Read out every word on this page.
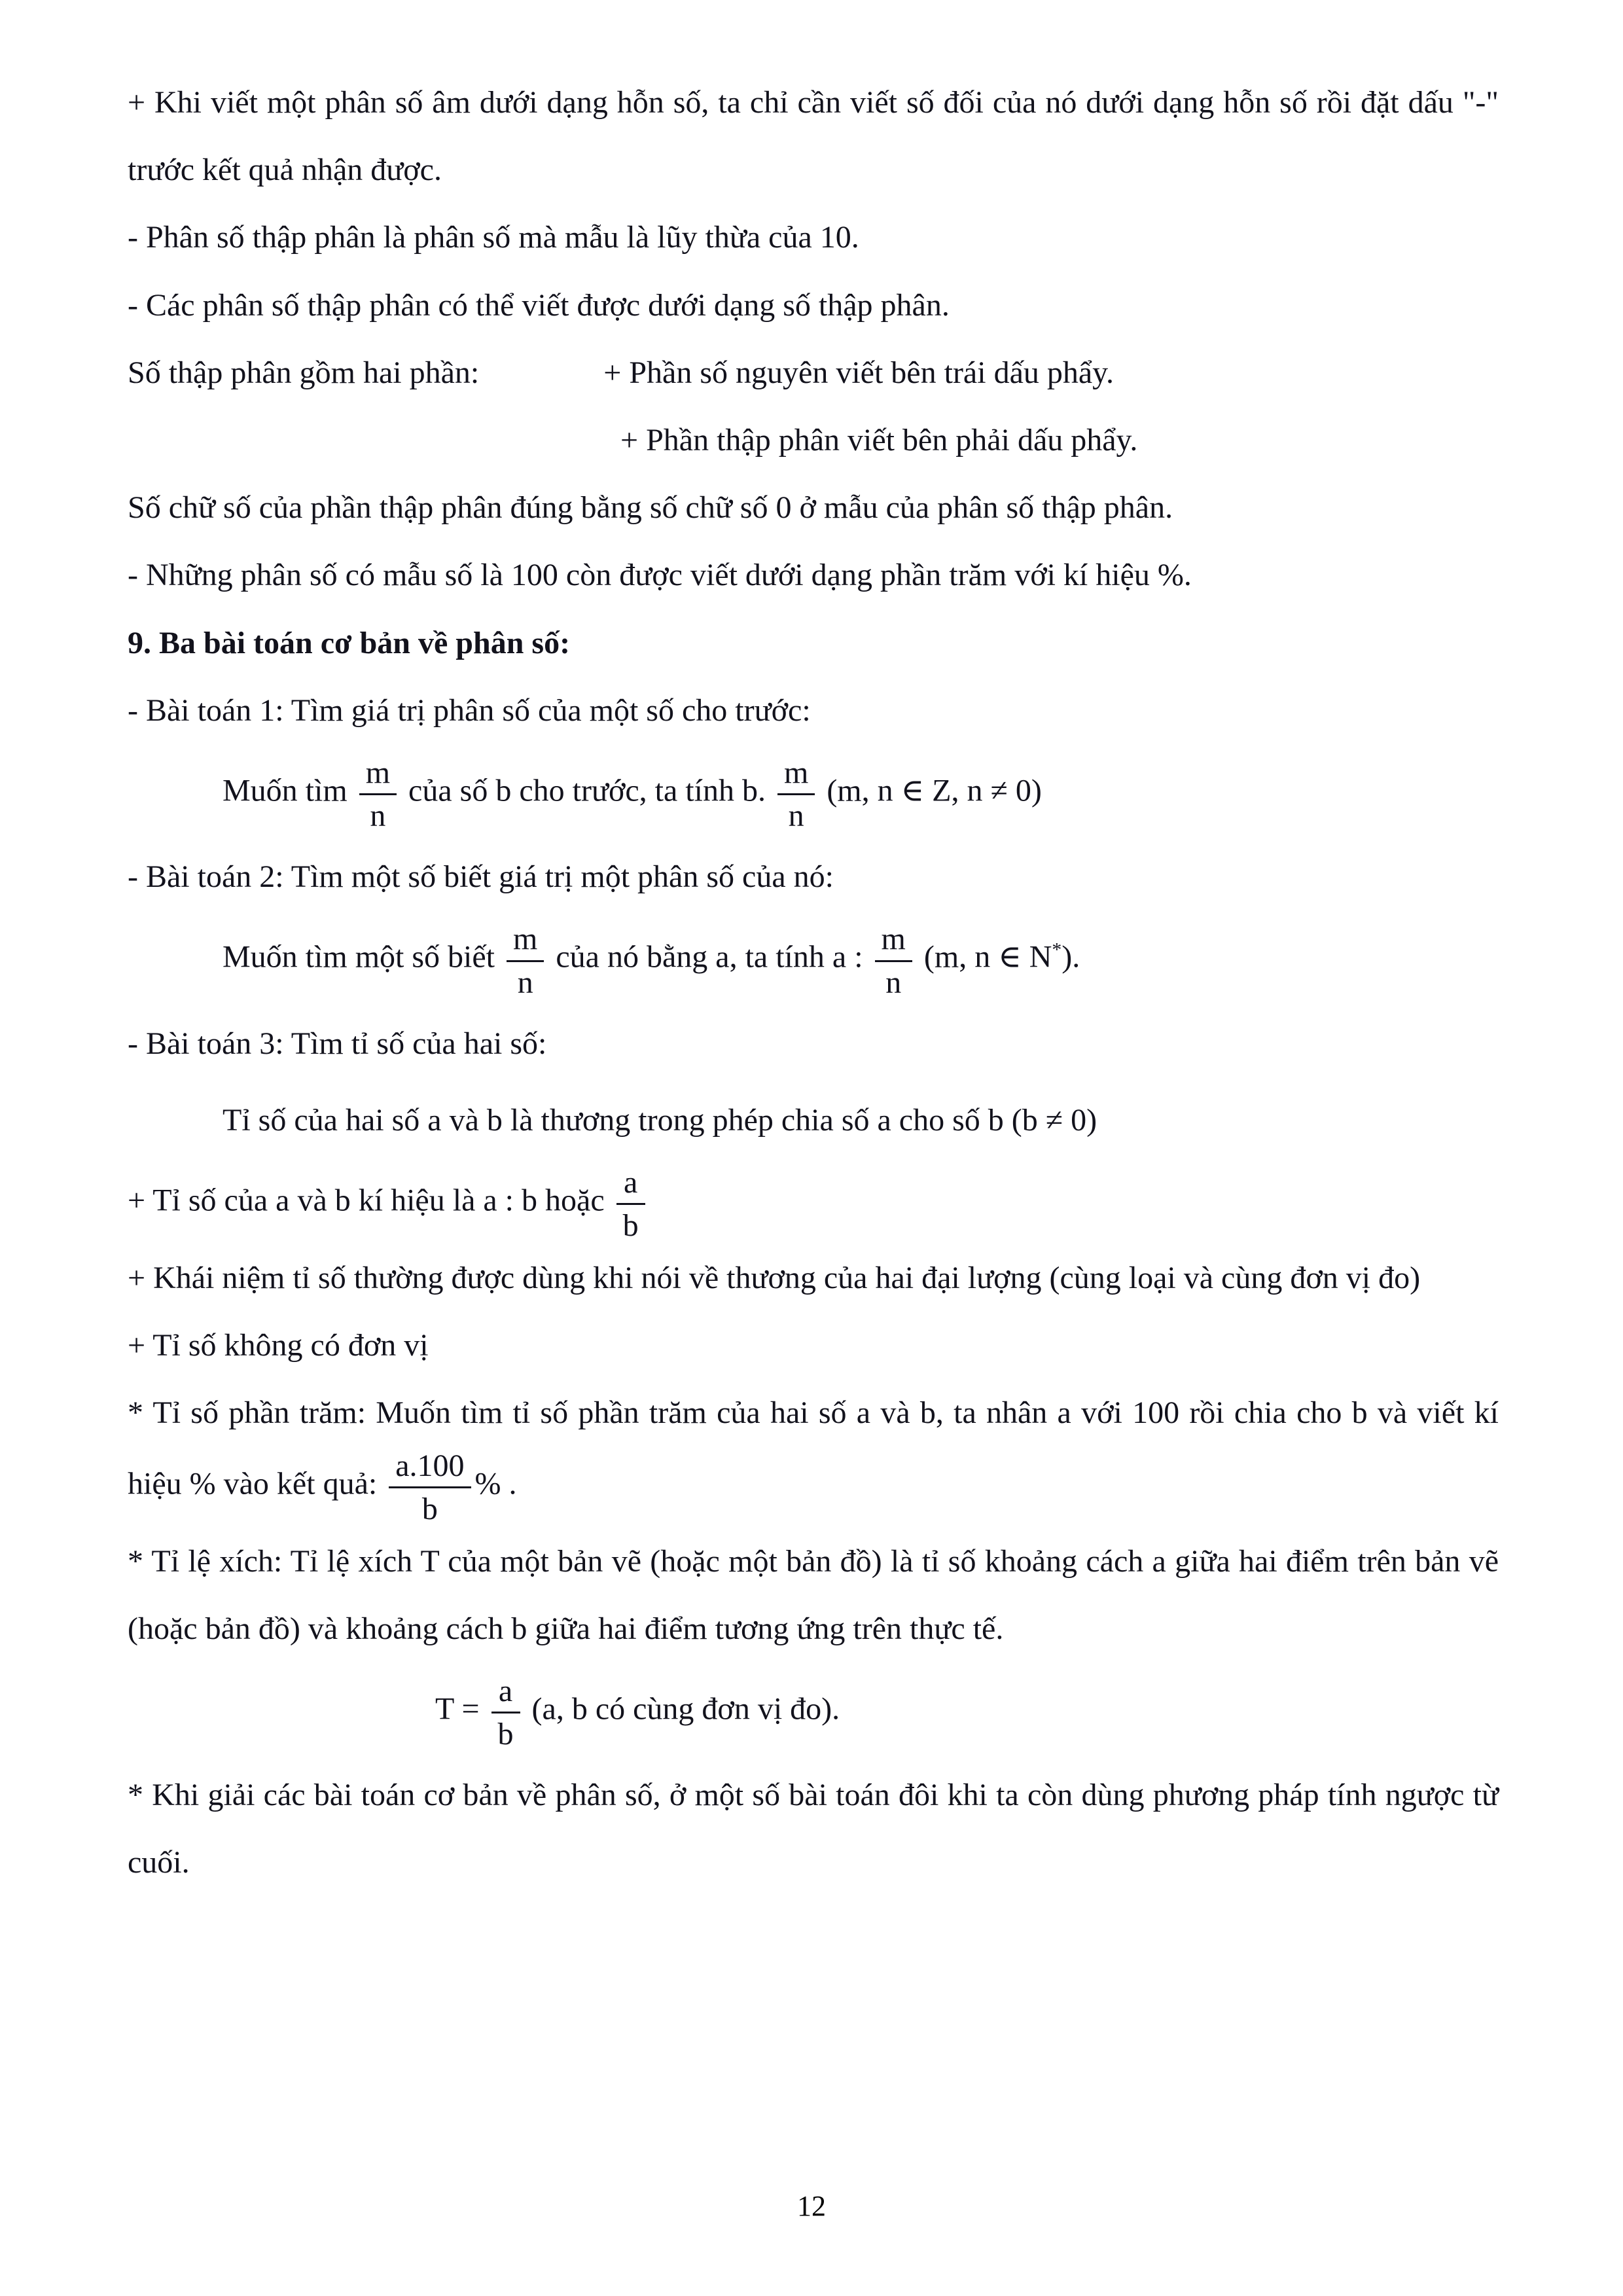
+ Khi viết một phân số âm dưới dạng hỗn số, ta chỉ cần viết số đối của nó dưới dạng hỗn số rồi đặt dấu "-" trước kết quả nhận được.

- Phân số thập phân là phân số mà mẫu là lũy thừa của 10.

- Các phân số thập phân có thể viết được dưới dạng số thập phân.

Số thập phân gồm hai phần:	+ Phần số nguyên viết bên trái dấu phẩy.

+ Phần thập phân viết bên phải dấu phẩy.

Số chữ số của phần thập phân đúng bằng số chữ số 0 ở mẫu của phân số thập phân.

- Những phân số có mẫu số là 100 còn được viết dưới dạng phần trăm với kí hiệu %.

9. Ba bài toán cơ bản về phân số:

- Bài toán 1: Tìm giá trị phân số của một số cho trước:

Muốn tìm $\frac{m}{n}$ của số b cho trước, ta tính b. $\frac{m}{n} (m$, n ∈ Z, n ≠ 0)

- Bài toán 2: Tìm một số biết giá trị một phân số của nó:

Muốn tìm một số biết $\frac{m}{n}$ của nó bằng a, ta tính a : $\frac{m}{n} (m$, n ∈ N*).

- Bài toán 3: Tìm tỉ số của hai số:

Tỉ số của hai số a và b là thương trong phép chia số a cho số b (b ≠ 0)

+ Tỉ số của a và b kí hiệu là a : b hoặc $\frac{a}{b}$

+ Khái niệm tỉ số thường được dùng khi nói về thương của hai đại lượng (cùng loại và cùng đơn vị đo)

+ Tỉ số không có đơn vị

* Tỉ số phần trăm: Muốn tìm tỉ số phần trăm của hai số a và b, ta nhân a với 100 rồi chia cho b và viết kí hiệu % vào kết quả: $\frac{a.100}{b}$ % .

* Tỉ lệ xích: Tỉ lệ xích T của một bản vẽ (hoặc một bản đồ) là tỉ số khoảng cách a giữa hai điểm trên bản vẽ (hoặc bản đồ) và khoảng cách b giữa hai điểm tương ứng trên thực tế.

$T = \frac{a}{b} (a$, b có cùng đơn vị đo).

* Khi giải các bài toán cơ bản về phân số, ở một số bài toán đôi khi ta còn dùng phương pháp tính ngược từ cuối.

12
